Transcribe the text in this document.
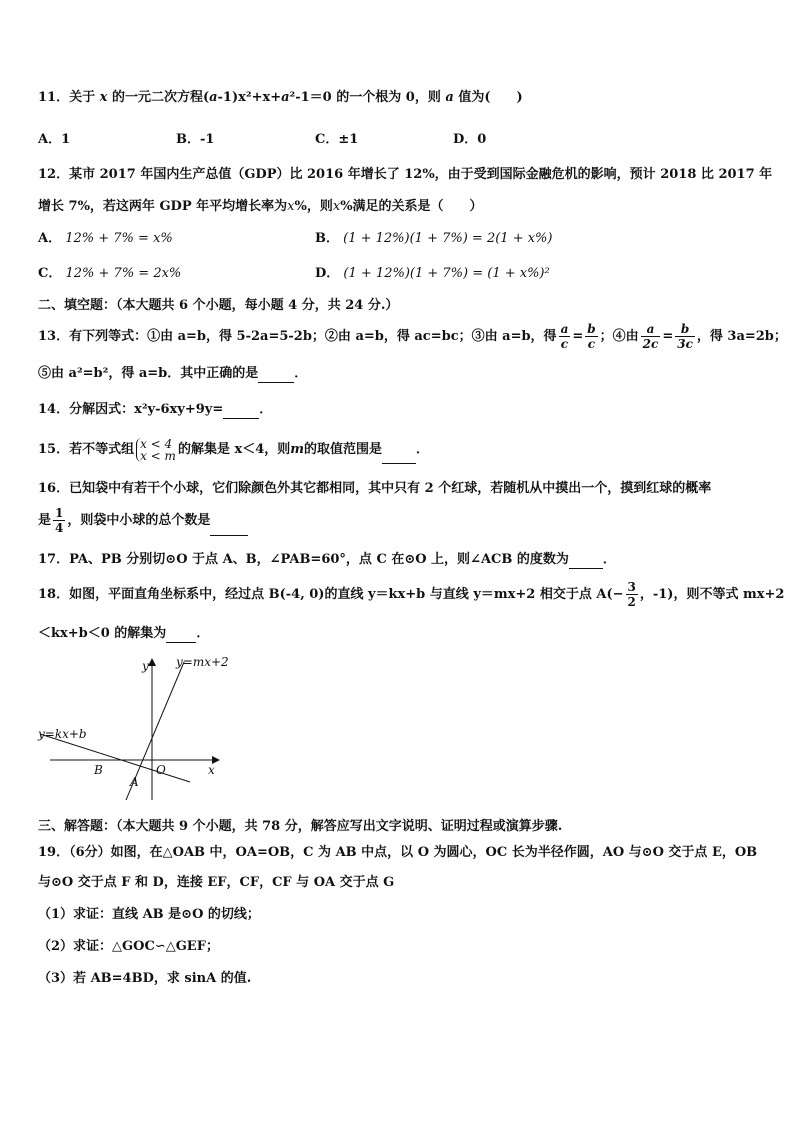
11．关于 x 的一元二次方程(a-1)x²+x+a²-1＝0 的一个根为 0，则 a 值为(　　)
A．1	B．-1	C．±1	D．0
12．某市 2017 年国内生产总值（GDP）比 2016 年增长了 12%，由于受到国际金融危机的影响，预计 2018 比 2017 年
增长 7%，若这两年 GDP 年平均增长率为x%，则x%满足的关系是（　　）
A． 12% + 7% = x%	B． (1 + 12%)(1 + 7%) = 2(1 + x%)
C． 12% + 7% = 2x%	D． (1 + 12%)(1 + 7%) = (1 + x%)²
二、填空题：（本大题共 6 个小题，每小题 4 分，共 24 分.）
13．有下列等式：①由 a=b，得 5-2a=5-2b；②由 a=b，得 ac=bc；③由 a=b，得 $\frac{a}{c} = \frac{b}{c}$ ；④由 $\frac{a}{2c} = \frac{b}{3c}$ ，得 3a=2b；
⑤由 a²=b²，得 a=b．其中正确的是	．
14．分解因式：x²y-6xy+9y=	．
15．若不等式组 x < 4
x < m 的解集是 x＜4，则m的取值范围是	．
16．已知袋中有若干个小球，它们除颜色外其它都相同，其中只有 2 个红球，若随机从中摸出一个，摸到红球的概率
是 $\frac{1}{4}$ ，则袋中小球的总个数是
17．PA、PB 分别切⊙O 于点 A、B，∠PAB=60°，点 C 在⊙O 上，则∠ACB 的度数为	．
18．如图，平面直角坐标系中，经过点 B(-4, 0)的直线 y＝kx+b 与直线 y＝mx+2 相交于点 $A(- \frac{3}{2}$ ，-1)，则不等式 mx+2
＜kx+b＜0 的解集为 ．
y
x
y=mx+2
y=kx+b
B	O
A
三、解答题：（本大题共 9 个小题，共 78 分，解答应写出文字说明、证明过程或演算步骤.
19．（6分）如图，在△OAB 中，OA=OB，C 为 AB 中点，以 O 为圆心，OC 长为半径作圆，AO 与⊙O 交于点 E，OB
与⊙O 交于点 F 和 D，连接 EF，CF，CF 与 OA 交于点 G
（1）求证：直线 AB 是⊙O 的切线；
（2）求证：△GOC∽△GEF；
（3）若 AB=4BD，求 sinA 的值.
